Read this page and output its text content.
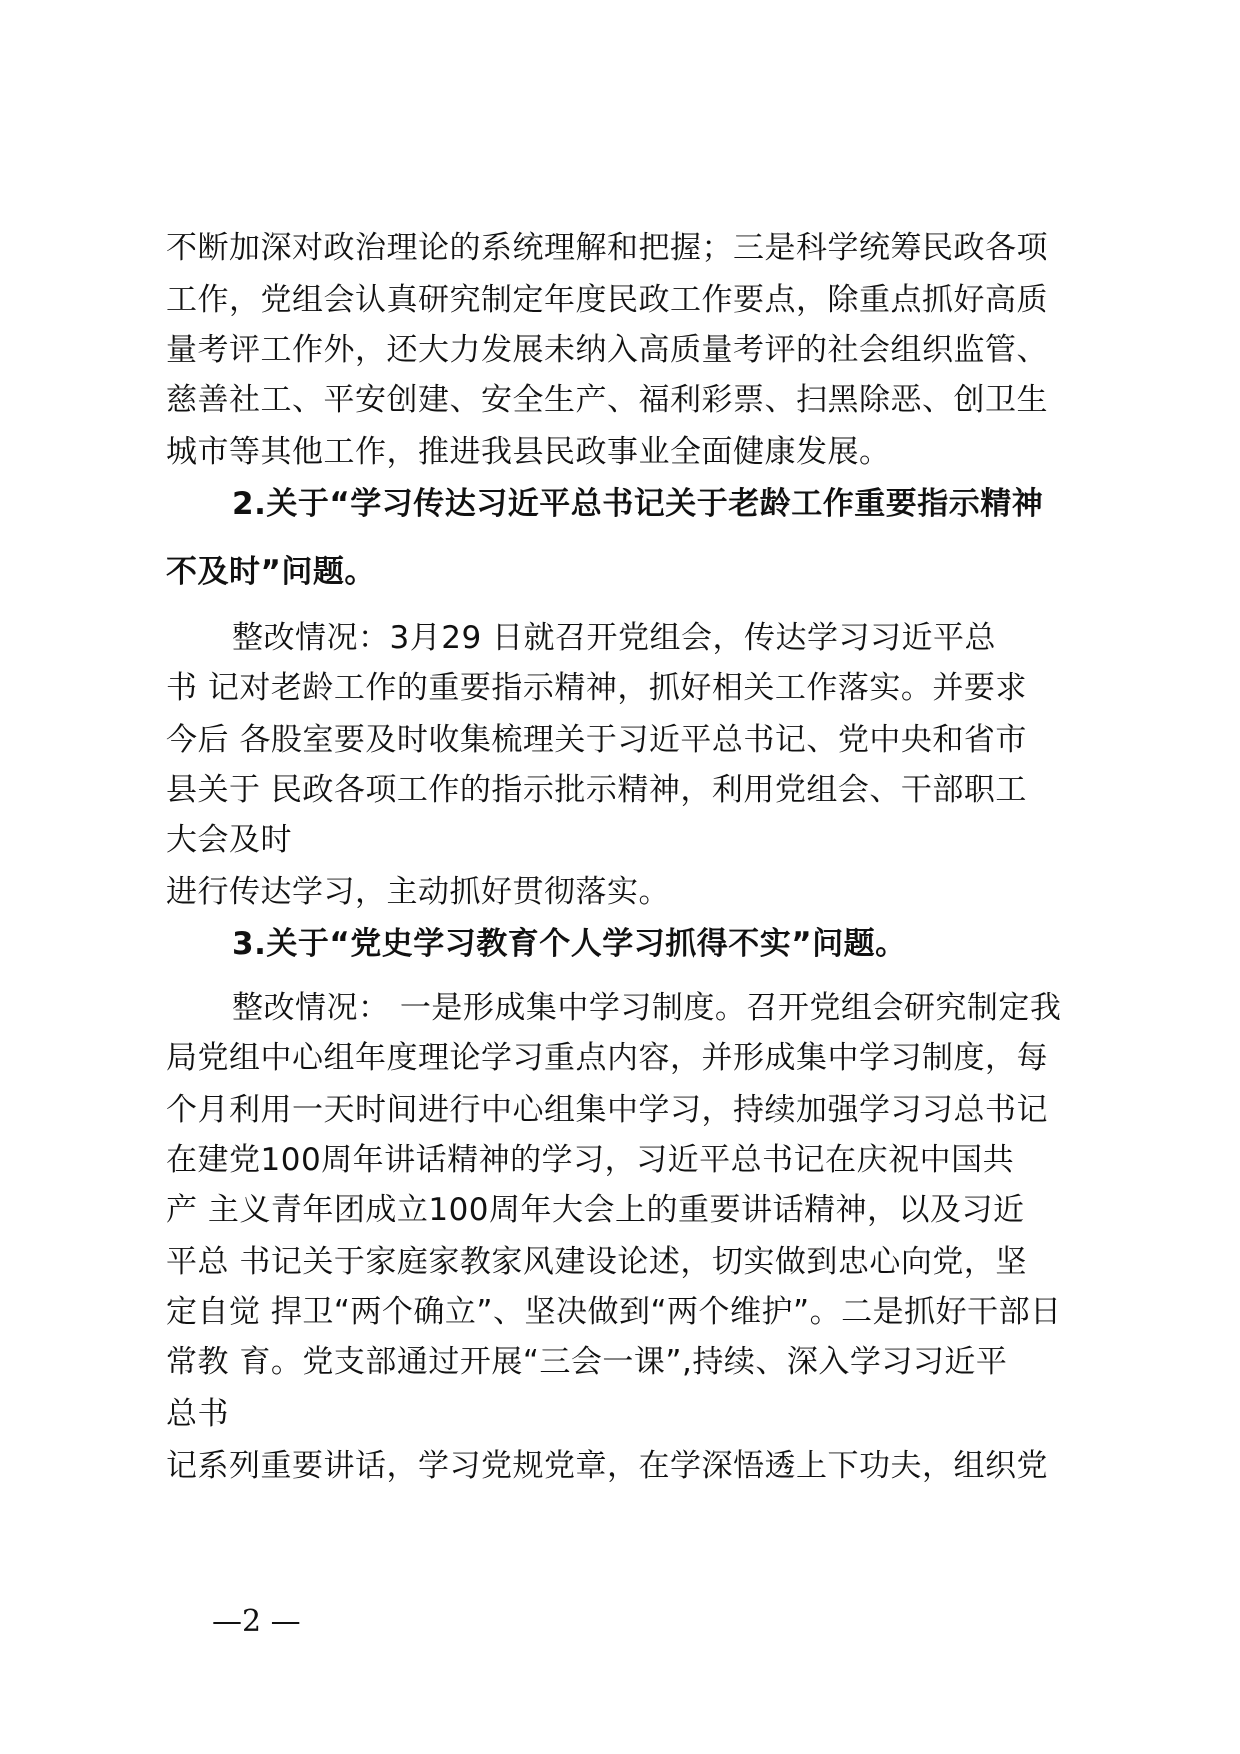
不断加深对政治理论的系统理解和把握；三是科学统筹民政各项
工作，党组会认真研究制定年度民政工作要点，除重点抓好高质
量考评工作外，还大力发展未纳入高质量考评的社会组织监管、
慈善社工、平安创建、安全生产、福利彩票、扫黑除恶、创卫生
城市等其他工作，推进我县民政事业全面健康发展。
2.关于“学习传达习近平总书记关于老龄工作重要指示精神
不及时”问题。
整改情况：3月29 日就召开党组会，传达学习习近平总
书 记对老龄工作的重要指示精神，抓好相关工作落实。并要求
今后 各股室要及时收集梳理关于习近平总书记、党中央和省市
县关于 民政各项工作的指示批示精神，利用党组会、干部职工
大会及时
进行传达学习，主动抓好贯彻落实。
3.关于“党史学习教育个人学习抓得不实”问题。
整改情况： 一是形成集中学习制度。召开党组会研究制定我
局党组中心组年度理论学习重点内容，并形成集中学习制度，每
个月利用一天时间进行中心组集中学习，持续加强学习习总书记
在建党100周年讲话精神的学习，习近平总书记在庆祝中国共
产 主义青年团成立100周年大会上的重要讲话精神，以及习近
平总 书记关于家庭家教家风建设论述，切实做到忠心向党，坚
定自觉 捍卫“两个确立”、坚决做到“两个维护”。二是抓好干部日
常教 育。党支部通过开展“三会一课”,持续、深入学习习近平
总书
记系列重要讲话，学习党规党章，在学深悟透上下功夫，组织党
—2 —
